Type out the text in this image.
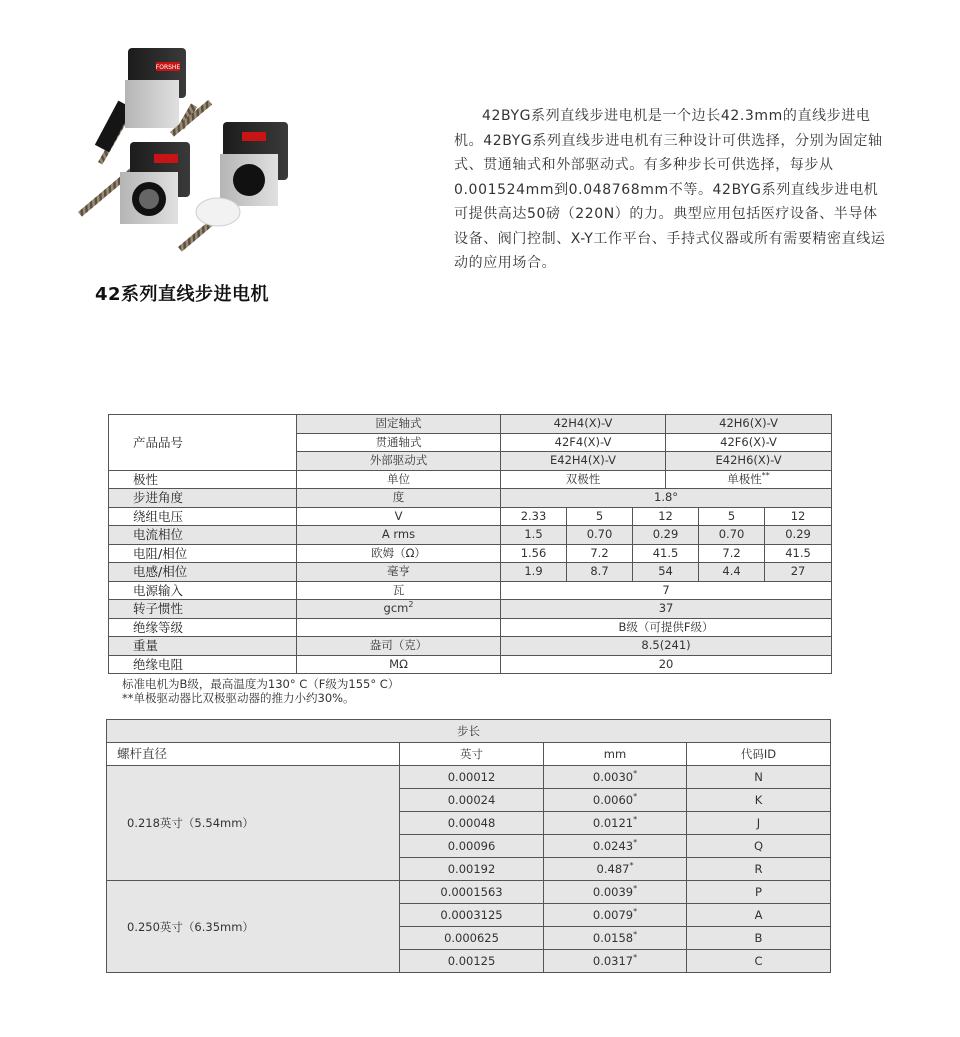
FORSHE
42系列直线步进电机

42BYG系列直线步进电机是一个边长42.3mm的直线步进电机。42BYG系列直线步进电机有三种设计可供选择，分别为固定轴式、贯通轴式和外部驱动式。有多种步长可供选择，每步从0.001524mm到0.048768mm不等。42BYG系列直线步进电机可提供高达50磅（220N）的力。典型应用包括医疗设备、半导体设备、阀门控制、X-Y工作平台、手持式仪器或所有需要精密直线运动的应用场合。

产品品号	固定轴式	42H4(X)-V			42H6(X)-V		
	贯通轴式	42F4(X)-V			42F6(X)-V		
	外部驱动式	E42H4(X)-V			E42H6(X)-V		
极性	单位	双极性			单极性**
步进角度	度	1.8°					
绕组电压	V	2.33	5	12		5	12
电流相位	A rms	1.5	0.70	0.29		0.70	0.29
电阻/相位	欧姆（Ω）	1.56	7.2	41.5		7.2	41.5
电感/相位	毫亨	1.9	8.7	54		4.4	27
电源输入	瓦	7					
转子惯性	gcm$^2$	37					
绝缘等级		B级（可提供F级）					
重量	盎司（克）	8.5(241)					
绝缘电阻	MΩ	20					
标准电机为B级，最高温度为130° C（F级为155° C）
**单极驱动器比双极驱动器的推力小约30%。
步长			
螺杆直径	英寸	mm	代码ID
0.218英寸（5.54mm）	0.00012	0.0030*	N
	0.00024	0.0060*	K
	0.00048	0.0121*	J
	0.00096	0.0243*	Q
	0.00192	0.487*	R
0.250英寸（6.35mm）	0.0001563	0.0039*	P
	0.0003125	0.0079*	A
	0.000625	0.0158*	B
	0.00125	0.0317*	C
